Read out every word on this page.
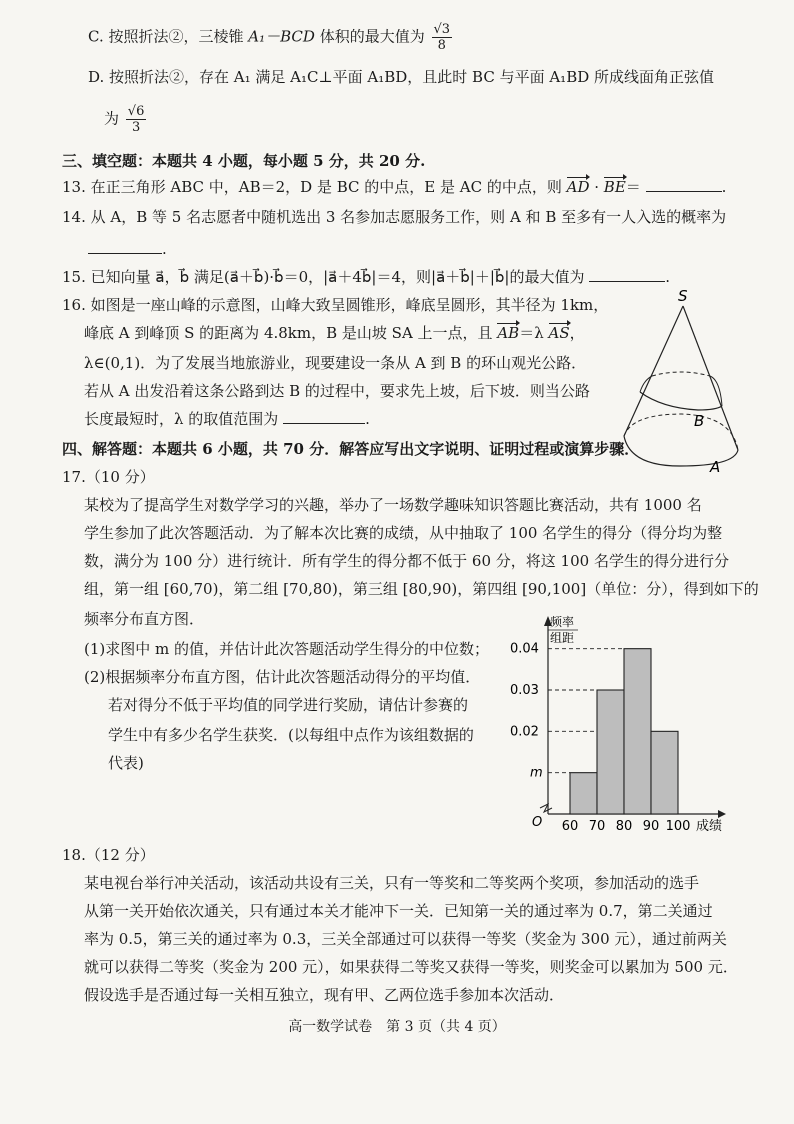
C. 按照折法②，三棱锥 A₁－BCD 体积的最大值为 $\frac{√3}{8}$
D. 按照折法②，存在 A₁ 满足 A₁C⊥平面 A₁BD，且此时 BC 与平面 A₁BD 所成线面角正弦值
为 $\frac{√6}{3}$
三、填空题：本题共 4 小题，每小题 5 分，共 20 分.
13. 在正三角形 ABC 中，AB＝2，D 是 BC 的中点，E 是 AC 的中点，则 AD · BE＝	.
14. 从 A，B 等 5 名志愿者中随机选出 3 名参加志愿服务工作，则 A 和 B 至多有一人入选的概率为
.
15. 已知向量 a⃗，b⃗ 满足(a⃗＋b⃗)·b⃗＝0，|a⃗＋4b⃗|＝4，则|a⃗＋b⃗|＋|b⃗|的最大值为	.
16. 如图是一座山峰的示意图，山峰大致呈圆锥形，峰底呈圆形，其半径为 1km，
峰底 A 到峰顶 S 的距离为 4.8km，B 是山坡 SA 上一点，且 AB＝λ AS，
λ∈(0,1)．为了发展当地旅游业，现要建设一条从 A 到 B 的环山观光公路．
若从 A 出发沿着这条公路到达 B 的过程中，要求先上坡，后下坡．则当公路
长度最短时，λ 的取值范围为	.
S
B
A
四、解答题：本题共 6 小题，共 70 分．解答应写出文字说明、证明过程或演算步骤．
17.（10 分）
某校为了提高学生对数学学习的兴趣，举办了一场数学趣味知识答题比赛活动，共有 1000 名
学生参加了此次答题活动．为了解本次比赛的成绩，从中抽取了 100 名学生的得分（得分均为整
数，满分为 100 分）进行统计．所有学生的得分都不低于 60 分，将这 100 名学生的得分进行分
组，第一组 [60,70)，第二组 [70,80)，第三组 [80,90)，第四组 [90,100]（单位：分），得到如下的
频率分布直方图．
(1)求图中 m 的值，并估计此次答题活动学生得分的中位数；
(2)根据频率分布直方图，估计此次答题活动得分的平均值．
若对得分不低于平均值的同学进行奖励，请估计参赛的
学生中有多少名学生获奖．(以每组中点作为该组数据的
代表)
频率
组距
O	成绩
m
0.02
0.03
0.04
60 70 80 90 100
18.（12 分）
某电视台举行冲关活动，该活动共设有三关，只有一等奖和二等奖两个奖项，参加活动的选手
从第一关开始依次通关，只有通过本关才能冲下一关．已知第一关的通过率为 0.7，第二关通过
率为 0.5，第三关的通过率为 0.3，三关全部通过可以获得一等奖（奖金为 300 元），通过前两关
就可以获得二等奖（奖金为 200 元），如果获得二等奖又获得一等奖，则奖金可以累加为 500 元．
假设选手是否通过每一关相互独立，现有甲、乙两位选手参加本次活动．
高一数学试卷　第 3 页（共 4 页）
